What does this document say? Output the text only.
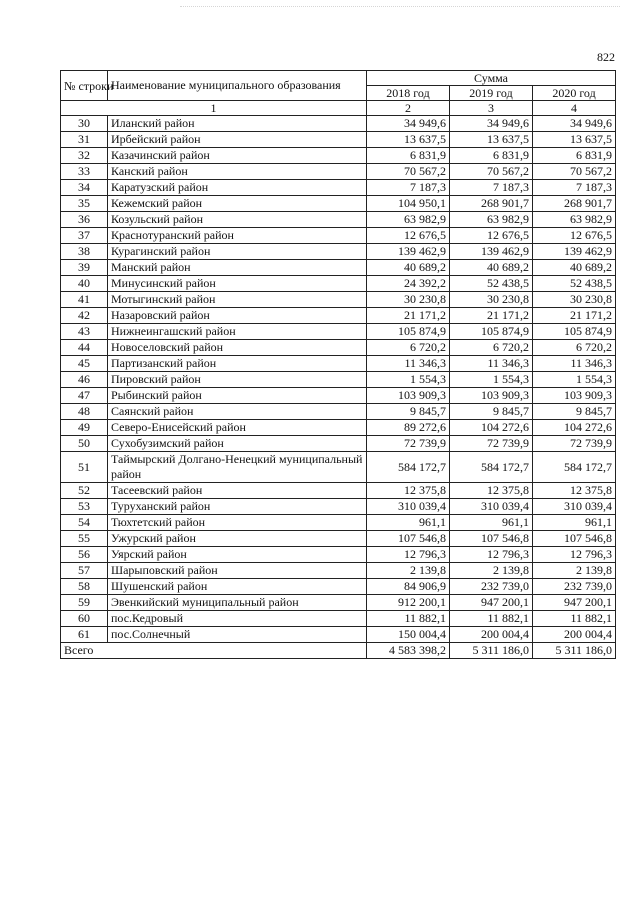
822
№ строки	Наименование муниципального образования	Сумма		
		2018 год	2019 год	2020 год
1		2	3	4
30	Иланский район	34 949,6	34 949,6	34 949,6
31	Ирбейский район	13 637,5	13 637,5	13 637,5
32	Казачинский район	6 831,9	6 831,9	6 831,9
33	Канский район	70 567,2	70 567,2	70 567,2
34	Каратузский район	7 187,3	7 187,3	7 187,3
35	Кежемский район	104 950,1	268 901,7	268 901,7
36	Козульский район	63 982,9	63 982,9	63 982,9
37	Краснотуранский район	12 676,5	12 676,5	12 676,5
38	Курагинский район	139 462,9	139 462,9	139 462,9
39	Манский район	40 689,2	40 689,2	40 689,2
40	Минусинский район	24 392,2	52 438,5	52 438,5
41	Мотыгинский район	30 230,8	30 230,8	30 230,8
42	Назаровский район	21 171,2	21 171,2	21 171,2
43	Нижнеингашский район	105 874,9	105 874,9	105 874,9
44	Новоселовский район	6 720,2	6 720,2	6 720,2
45	Партизанский район	11 346,3	11 346,3	11 346,3
46	Пировский район	1 554,3	1 554,3	1 554,3
47	Рыбинский район	103 909,3	103 909,3	103 909,3
48	Саянский район	9 845,7	9 845,7	9 845,7
49	Северо-Енисейский район	89 272,6	104 272,6	104 272,6
50	Сухобузимский район	72 739,9	72 739,9	72 739,9
51	Таймырский Долгано-Ненецкий муниципальный район	584 172,7	584 172,7	584 172,7
52	Тасеевский район	12 375,8	12 375,8	12 375,8
53	Туруханский район	310 039,4	310 039,4	310 039,4
54	Тюхтетский район	961,1	961,1	961,1
55	Ужурский район	107 546,8	107 546,8	107 546,8
56	Уярский район	12 796,3	12 796,3	12 796,3
57	Шарыповский район	2 139,8	2 139,8	2 139,8
58	Шушенский район	84 906,9	232 739,0	232 739,0
59	Эвенкийский муниципальный район	912 200,1	947 200,1	947 200,1
60	пос.Кедровый	11 882,1	11 882,1	11 882,1
61	пос.Солнечный	150 004,4	200 004,4	200 004,4
Всего		4 583 398,2	5 311 186,0	5 311 186,0
